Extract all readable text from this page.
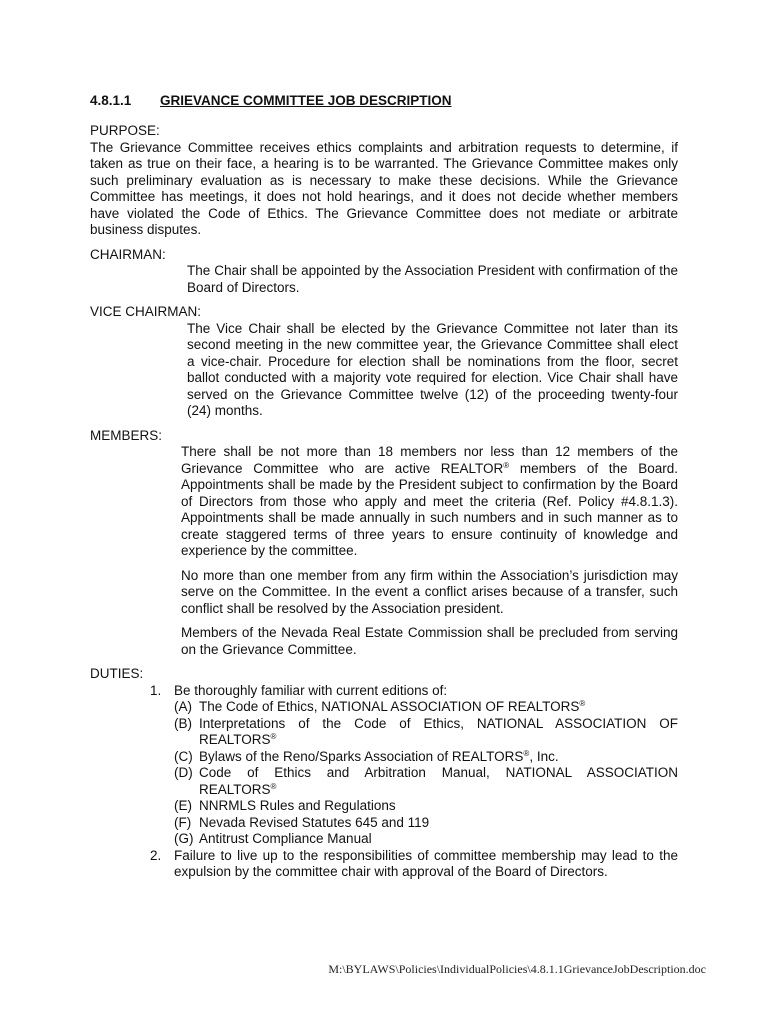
4.8.1.1 GRIEVANCE COMMITTEE JOB DESCRIPTION

PURPOSE:

The Grievance Committee receives ethics complaints and arbitration requests to determine, if taken as true on their face, a hearing is to be warranted. The Grievance Committee makes only such preliminary evaluation as is necessary to make these decisions. While the Grievance Committee has meetings, it does not hold hearings, and it does not decide whether members have violated the Code of Ethics. The Grievance Committee does not mediate or arbitrate business disputes.

CHAIRMAN:

The Chair shall be appointed by the Association President with confirmation of the Board of Directors.

VICE CHAIRMAN:

The Vice Chair shall be elected by the Grievance Committee not later than its second meeting in the new committee year, the Grievance Committee shall elect a vice-chair. Procedure for election shall be nominations from the floor, secret ballot conducted with a majority vote required for election. Vice Chair shall have served on the Grievance Committee twelve (12) of the proceeding twenty-four (24) months.

MEMBERS:

There shall be not more than 18 members nor less than 12 members of the Grievance Committee who are active REALTOR® members of the Board. Appointments shall be made by the President subject to confirmation by the Board of Directors from those who apply and meet the criteria (Ref. Policy #4.8.1.3). Appointments shall be made annually in such numbers and in such manner as to create staggered terms of three years to ensure continuity of knowledge and experience by the committee.

No more than one member from any firm within the Association’s jurisdiction may serve on the Committee. In the event a conflict arises because of a transfer, such conflict shall be resolved by the Association president.

Members of the Nevada Real Estate Commission shall be precluded from serving on the Grievance Committee.

DUTIES:

1. Be thoroughly familiar with current editions of:
(A) The Code of Ethics, NATIONAL ASSOCIATION OF REALTORS®
(B) Interpretations of the Code of Ethics, NATIONAL ASSOCIATION OF
REALTORS®
(C) Bylaws of the Reno/Sparks Association of REALTORS®, Inc.
(D) Code of Ethics and Arbitration Manual, NATIONAL ASSOCIATION
REALTORS®
(E) NNRMLS Rules and Regulations
(F) Nevada Revised Statutes 645 and 119
(G) Antitrust Compliance Manual
2. Failure to live up to the responsibilities of committee membership may lead to the expulsion by the committee chair with approval of the Board of Directors.
M:\BYLAWS\Policies\IndividualPolicies\4.8.1.1GrievanceJobDescription.doc
